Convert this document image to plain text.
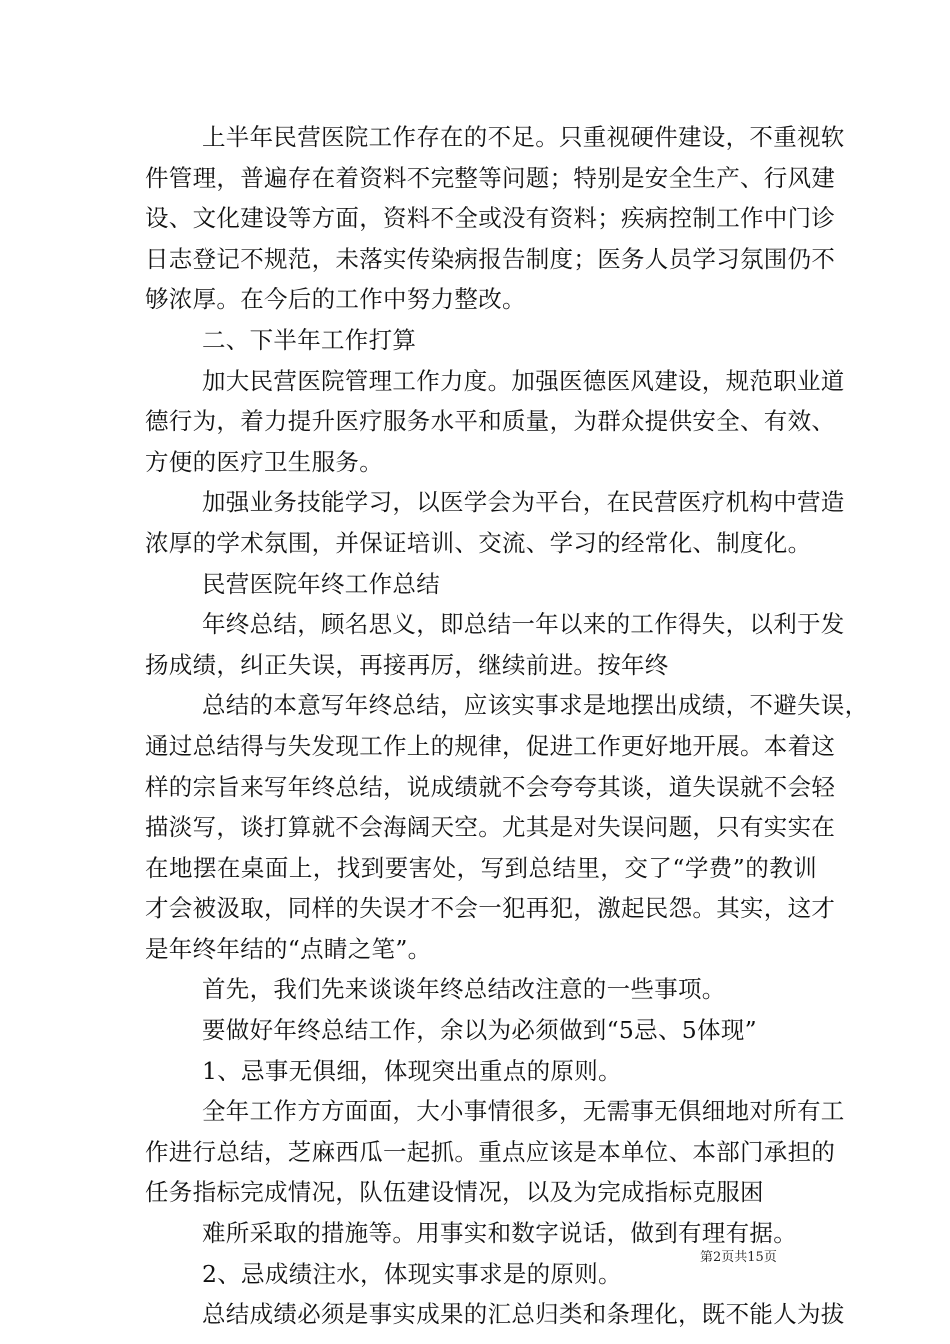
上半年民营医院工作存在的不足。只重视硬件建设，不重视软
件管理，普遍存在着资料不完整等问题；特别是安全生产、行风建
设、文化建设等方面，资料不全或没有资料；疾病控制工作中门诊
日志登记不规范，未落实传染病报告制度；医务人员学习氛围仍不
够浓厚。在今后的工作中努力整改。
二、下半年工作打算
加大民营医院管理工作力度。加强医德医风建设，规范职业道
德行为，着力提升医疗服务水平和质量，为群众提供安全、有效、
方便的医疗卫生服务。
加强业务技能学习，以医学会为平台，在民营医疗机构中营造
浓厚的学术氛围，并保证培训、交流、学习的经常化、制度化。
民营医院年终工作总结
年终总结，顾名思义，即总结一年以来的工作得失，以利于发
扬成绩，纠正失误，再接再厉，继续前进。按年终
总结的本意写年终总结，应该实事求是地摆出成绩，不避失误，
通过总结得与失发现工作上的规律，促进工作更好地开展。本着这
样的宗旨来写年终总结，说成绩就不会夸夸其谈，道失误就不会轻
描淡写，谈打算就不会海阔天空。尤其是对失误问题，只有实实在
在地摆在桌面上，找到要害处，写到总结里，交了“学费”的教训
才会被汲取，同样的失误才不会一犯再犯，激起民怨。其实，这才
是年终年结的“点睛之笔”。
首先，我们先来谈谈年终总结改注意的一些事项。
要做好年终总结工作，余以为必须做到“5忌、5体现”
1、忌事无俱细，体现突出重点的原则。
全年工作方方面面，大小事情很多，无需事无俱细地对所有工
作进行总结，芝麻西瓜一起抓。重点应该是本单位、本部门承担的
任务指标完成情况，队伍建设情况，以及为完成指标克服困
难所采取的措施等。用事实和数字说话，做到有理有据。
2、忌成绩注水，体现实事求是的原则。
总结成绩必须是事实成果的汇总归类和条理化，既不能人为拔
第2页共15页
